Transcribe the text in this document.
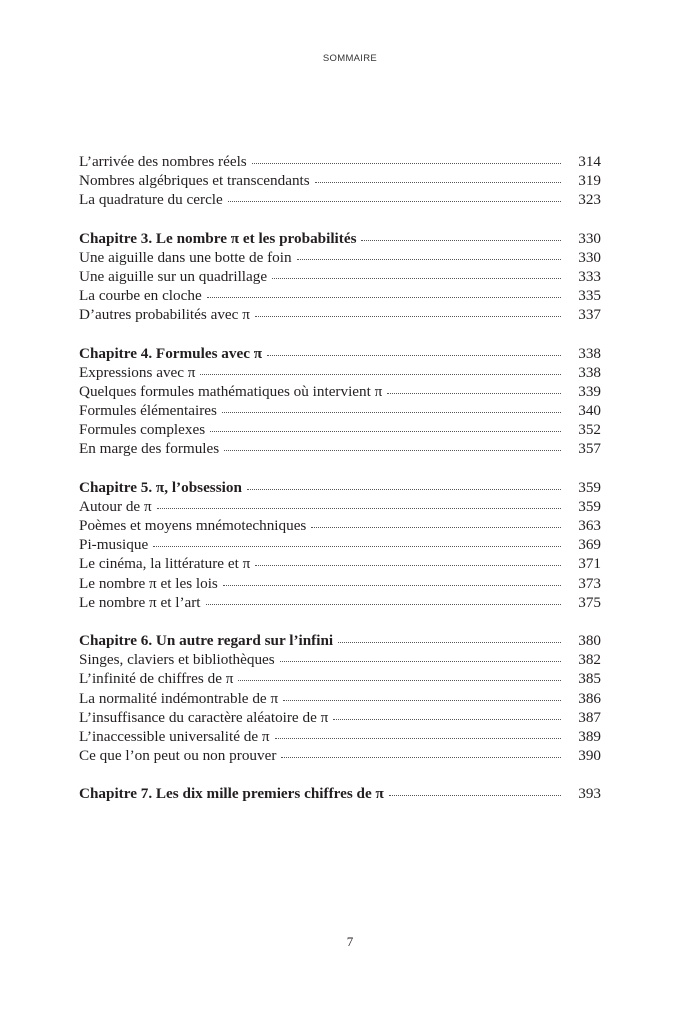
SOMMAIRE
L’arrivée des nombres réels	314
Nombres algébriques et transcendants	319
La quadrature du cercle	323
Chapitre 3. Le nombre π et les probabilités	330
Une aiguille dans une botte de foin	330
Une aiguille sur un quadrillage	333
La courbe en cloche	335
D’autres probabilités avec π	337
Chapitre 4. Formules avec π	338
Expressions avec π	338
Quelques formules mathématiques où intervient π	339
Formules élémentaires	340
Formules complexes	352
En marge des formules	357
Chapitre 5. π, l’obsession	359
Autour de π	359
Poèmes et moyens mnémotechniques	363
Pi-musique	369
Le cinéma, la littérature et π	371
Le nombre π et les lois	373
Le nombre π et l’art	375
Chapitre 6. Un autre regard sur l’infini	380
Singes, claviers et bibliothèques	382
L’infinité de chiffres de π	385
La normalité indémontrable de π	386
L’insuffisance du caractère aléatoire de π	387
L’inaccessible universalité de π	389
Ce que l’on peut ou non prouver	390
Chapitre 7. Les dix mille premiers chiffres de π	393
7
